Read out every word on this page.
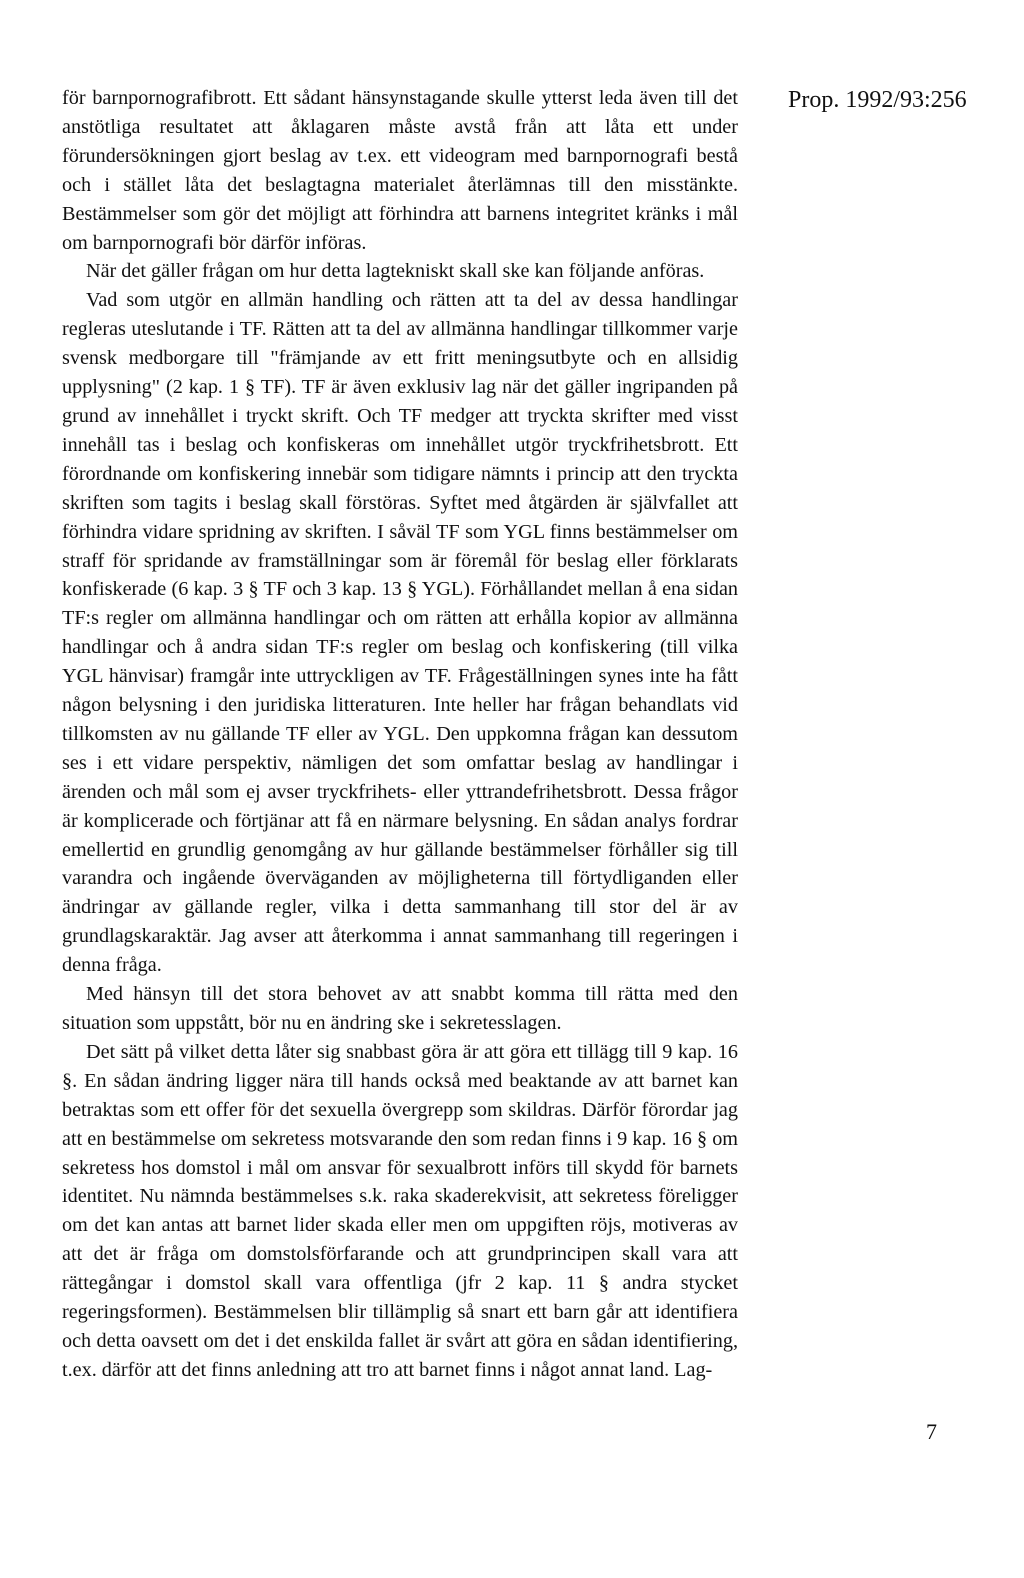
Prop. 1992/93:256

för barnpornografibrott. Ett sådant hänsynstagande skulle ytterst leda även till det anstötliga resultatet att åklagaren måste avstå från att låta ett under förundersökningen gjort beslag av t.ex. ett videogram med barnpornografi bestå och i stället låta det beslagtagna materialet återlämnas till den misstänkte. Bestämmelser som gör det möjligt att förhindra att barnens integritet kränks i mål om barnpornografi bör därför införas.

När det gäller frågan om hur detta lagtekniskt skall ske kan följande anföras.

Vad som utgör en allmän handling och rätten att ta del av dessa handlingar regleras uteslutande i TF. Rätten att ta del av allmänna handlingar tillkommer varje svensk medborgare till "främjande av ett fritt meningsutbyte och en allsidig upplysning" (2 kap. 1 § TF). TF är även exklusiv lag när det gäller ingripanden på grund av innehållet i tryckt skrift. Och TF medger att tryckta skrifter med visst innehåll tas i beslag och konfiskeras om innehållet utgör tryckfrihetsbrott. Ett förordnande om konfiskering innebär som tidigare nämnts i princip att den tryckta skriften som tagits i beslag skall förstöras. Syftet med åtgärden är självfallet att förhindra vidare spridning av skriften. I såväl TF som YGL finns bestämmelser om straff för spridande av framställningar som är föremål för beslag eller förklarats konfiskerade (6 kap. 3 § TF och 3 kap. 13 § YGL). Förhållandet mellan å ena sidan TF:s regler om allmänna handlingar och om rätten att erhålla kopior av allmänna handlingar och å andra sidan TF:s regler om beslag och konfiskering (till vilka YGL hänvisar) framgår inte uttryckligen av TF. Frågeställningen synes inte ha fått någon belysning i den juridiska litteraturen. Inte heller har frågan behandlats vid tillkomsten av nu gällande TF eller av YGL. Den uppkomna frågan kan dessutom ses i ett vidare perspektiv, nämligen det som omfattar beslag av handlingar i ärenden och mål som ej avser tryckfrihets- eller yttrandefrihetsbrott. Dessa frågor är komplicerade och förtjänar att få en närmare belysning. En sådan analys fordrar emellertid en grundlig genomgång av hur gällande bestämmelser förhåller sig till varandra och ingående överväganden av möjligheterna till förtydliganden eller ändringar av gällande regler, vilka i detta sammanhang till stor del är av grundlagskaraktär. Jag avser att återkomma i annat sammanhang till regeringen i denna fråga.

Med hänsyn till det stora behovet av att snabbt komma till rätta med den situation som uppstått, bör nu en ändring ske i sekretesslagen.

Det sätt på vilket detta låter sig snabbast göra är att göra ett tillägg till 9 kap. 16 §. En sådan ändring ligger nära till hands också med beaktande av att barnet kan betraktas som ett offer för det sexuella övergrepp som skildras. Därför förordar jag att en bestämmelse om sekretess motsvarande den som redan finns i 9 kap. 16 § om sekretess hos domstol i mål om ansvar för sexualbrott införs till skydd för barnets identitet. Nu nämnda bestämmelses s.k. raka skaderekvisit, att sekretess föreligger om det kan antas att barnet lider skada eller men om uppgiften röjs, motiveras av att det är fråga om domstolsförfarande och att grundprincipen skall vara att rättegångar i domstol skall vara offentliga (jfr 2 kap. 11 § andra stycket regeringsformen). Bestämmelsen blir tillämplig så snart ett barn går att identifiera och detta oavsett om det i det enskilda fallet är svårt att göra en sådan identifiering, t.ex. därför att det finns anledning att tro att barnet finns i något annat land. Lag-

7
